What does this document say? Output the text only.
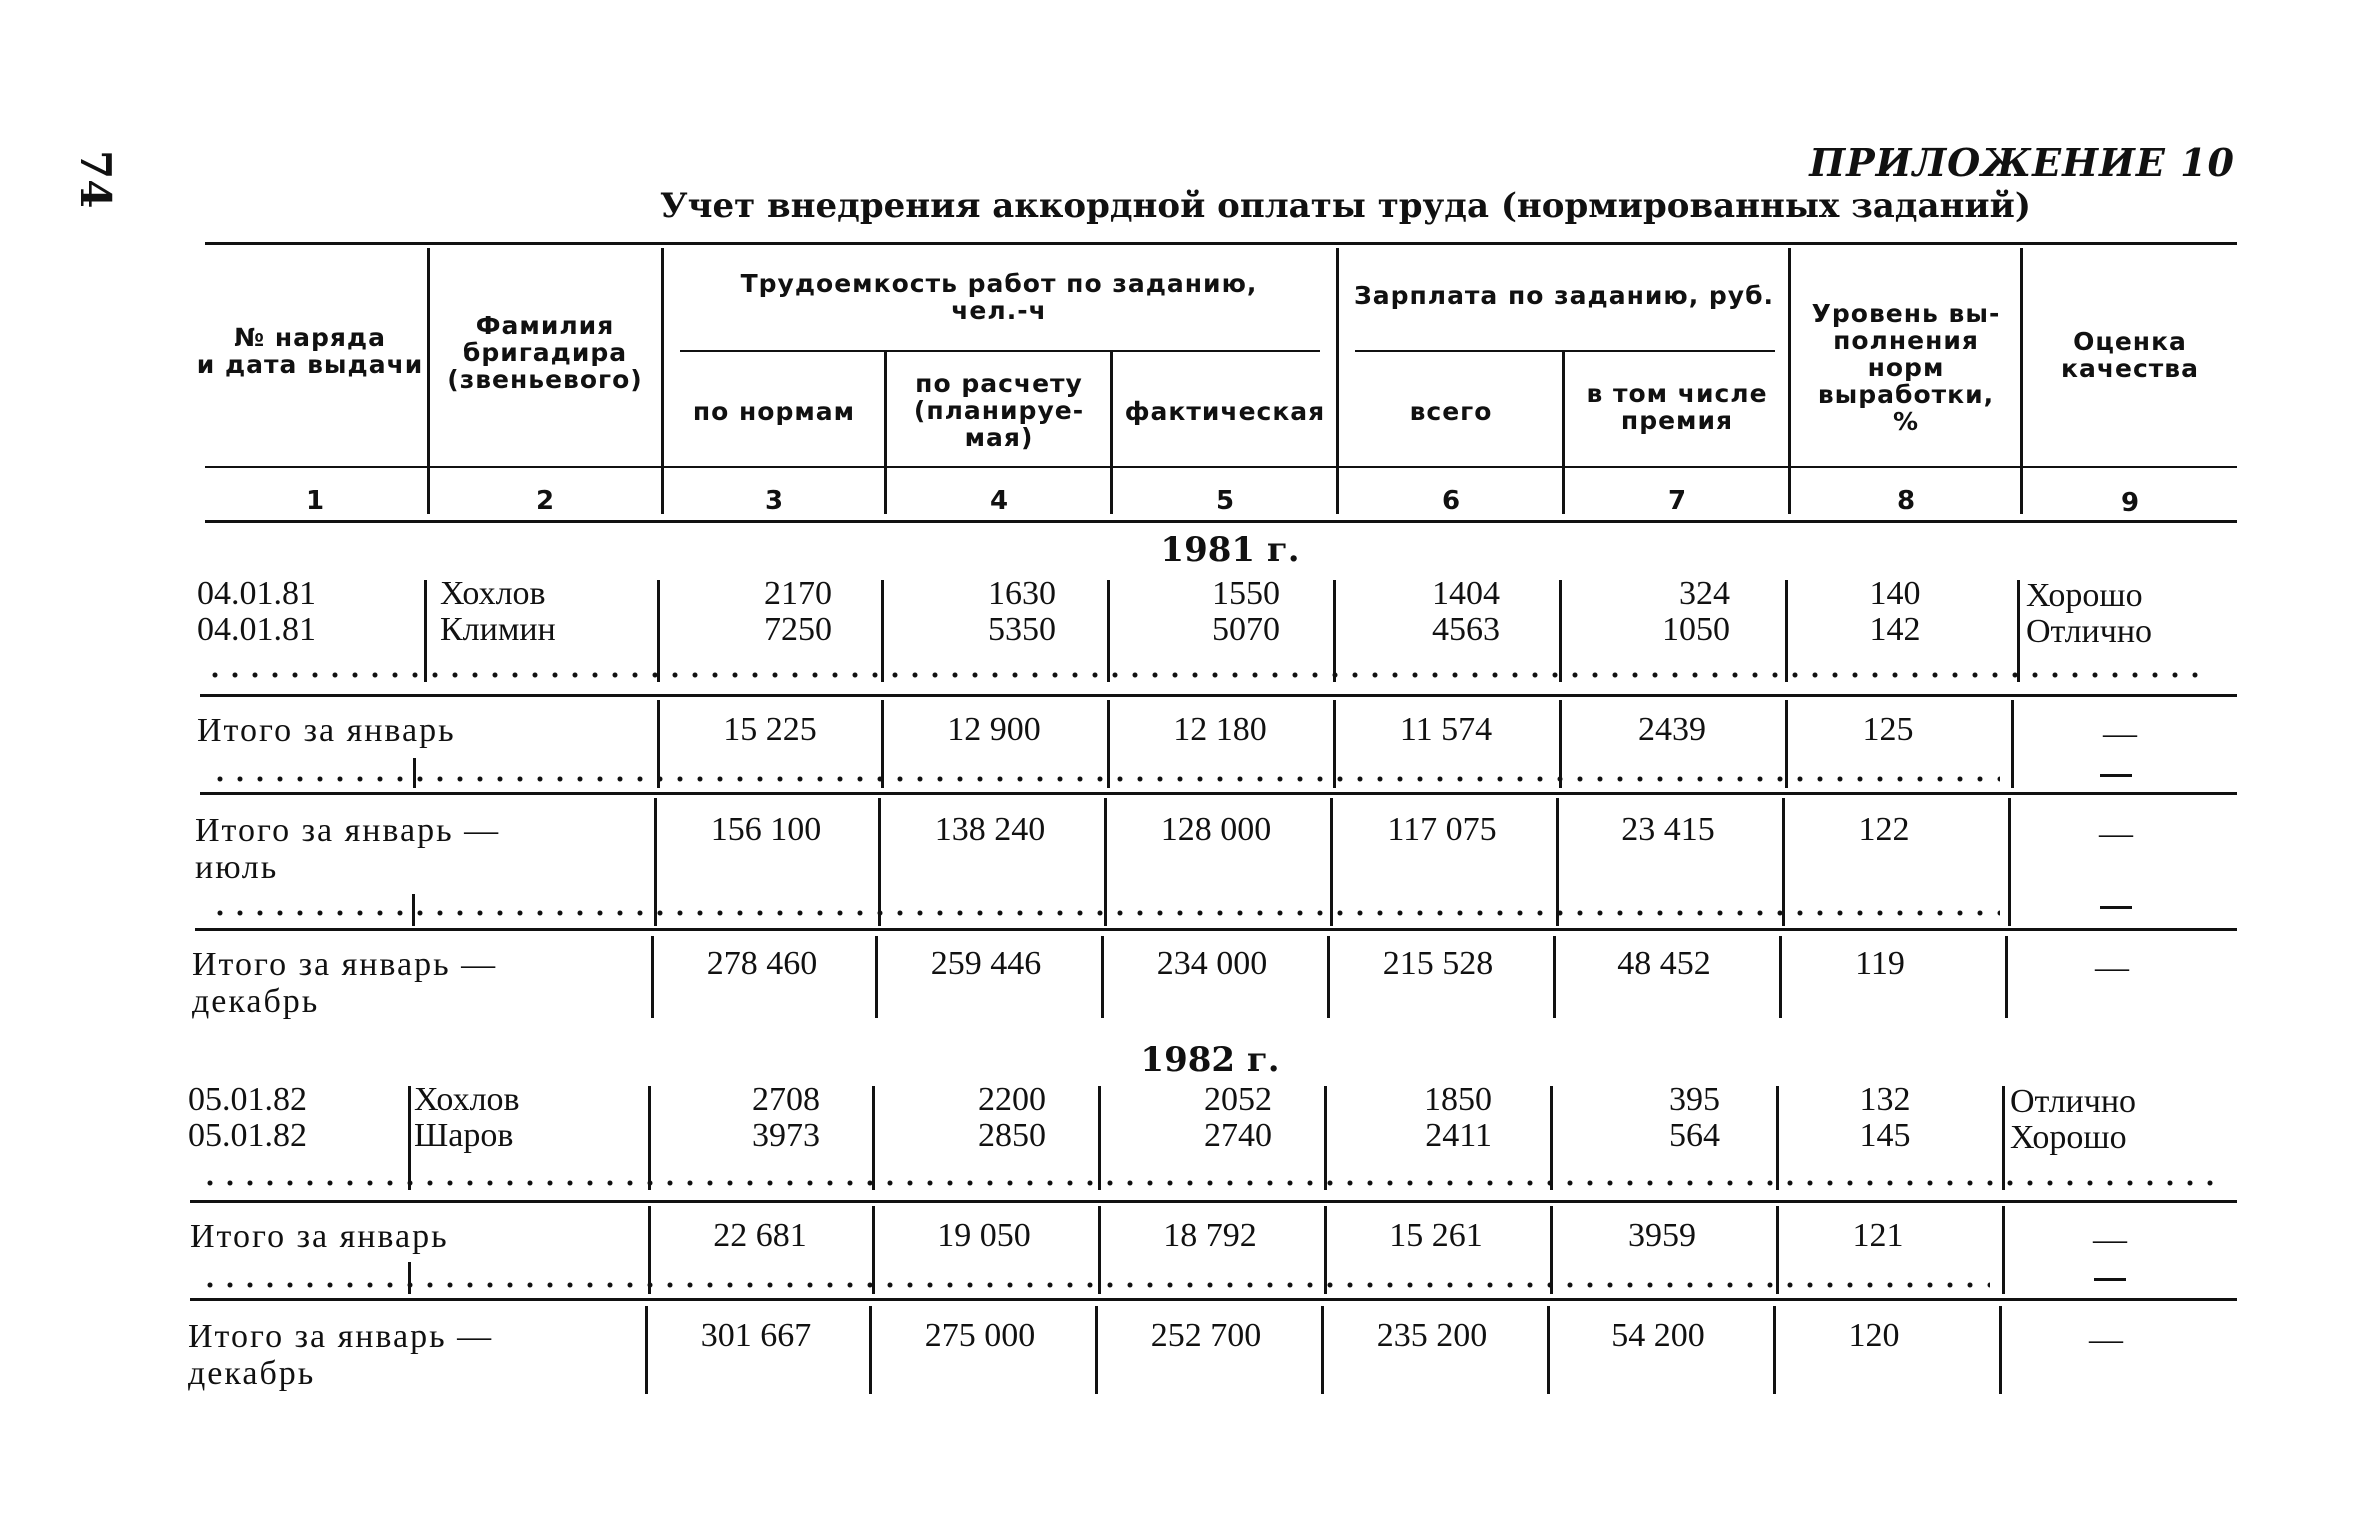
74	ПРИЛОЖЕНИЕ 10
Учет внедрения аккордной оплаты труда (нормированных заданий)
№ наряда
и дата выдачи
Фамилия
бригадира
(звеньевого)
Трудоемкость работ по заданию,
чел.-ч
по нормам
по расчету
(планируе-
мая)
фактическая
Зарплата по заданию, руб.
всего
в том числе
премия
Уровень вы-
полнения норм
выработки,
%
Оценка
качества
1	2	3	4	5	6	7	8	9
1981 г.
04.01.81	Хохлов	2170	1630	1550	1404	324	140	Хорошо
04.01.81	Климин	7250	5350	5070	4563	1050	142	Отлично
Итого за январь	15 225	12 900	12 180	11 574	2439	125	—
Итого за январь —
июль
156 100	138 240	128 000	117 075	23 415	122	—
Итого за январь —
декабрь
278 460	259 446	234 000	215 528	48 452	119	—
1982 г.
05.01.82	Хохлов	2708	2200	2052	1850	395	132	Отлично
05.01.82	Шаров	3973	2850	2740	2411	564	145	Хорошо
Итого за январь	22 681	19 050	18 792	15 261	3959	121	—
Итого за январь —
декабрь
301 667	275 000	252 700	235 200	54 200	120	—
